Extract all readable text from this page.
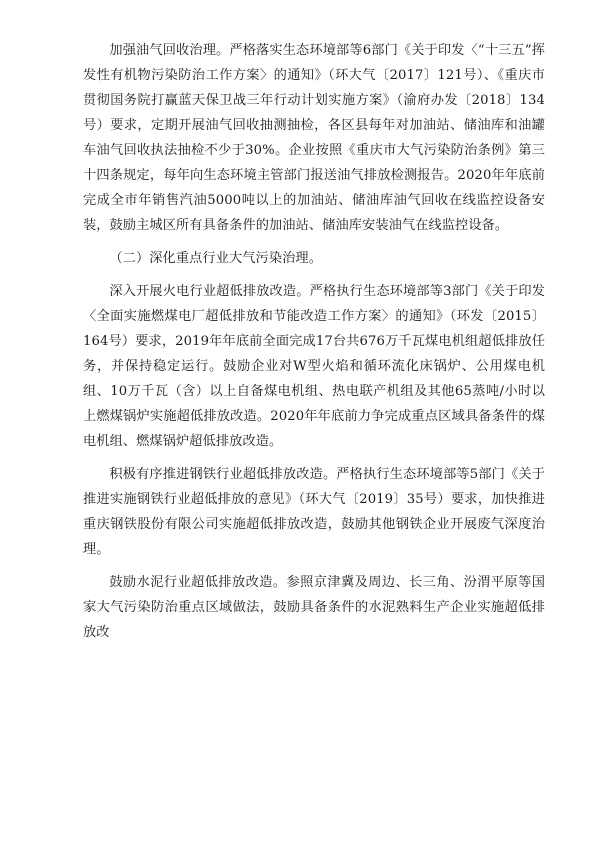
加强油气回收治理。严格落实生态环境部等6部门《关于印发〈“十三五”挥发性有机物污染防治工作方案〉的通知》（环大气〔2017〕121号）、《重庆市贯彻国务院打赢蓝天保卫战三年行动计划实施方案》（渝府办发〔2018〕134号）要求，定期开展油气回收抽测抽检，各区县每年对加油站、储油库和油罐车油气回收执法抽检不少于30%。企业按照《重庆市大气污染防治条例》第三十四条规定，每年向生态环境主管部门报送油气排放检测报告。2020年年底前完成全市年销售汽油5000吨以上的加油站、储油库油气回收在线监控设备安装，鼓励主城区所有具备条件的加油站、储油库安装油气在线监控设备。

（二）深化重点行业大气污染治理。

深入开展火电行业超低排放改造。严格执行生态环境部等3部门《关于印发〈全面实施燃煤电厂超低排放和节能改造工作方案〉的通知》（环发〔2015〕164号）要求，2019年年底前全面完成17台共676万千瓦煤电机组超低排放任务，并保持稳定运行。鼓励企业对W型火焰和循环流化床锅炉、公用煤电机组、10万千瓦（含）以上自备煤电机组、热电联产机组及其他65蒸吨/小时以上燃煤锅炉实施超低排放改造。2020年年底前力争完成重点区域具备条件的煤电机组、燃煤锅炉超低排放改造。

积极有序推进钢铁行业超低排放改造。严格执行生态环境部等5部门《关于推进实施钢铁行业超低排放的意见》（环大气〔2019〕35号）要求，加快推进重庆钢铁股份有限公司实施超低排放改造，鼓励其他钢铁企业开展废气深度治理。

鼓励水泥行业超低排放改造。参照京津冀及周边、长三角、汾渭平原等国家大气污染防治重点区域做法，鼓励具备条件的水泥熟料生产企业实施超低排放改
